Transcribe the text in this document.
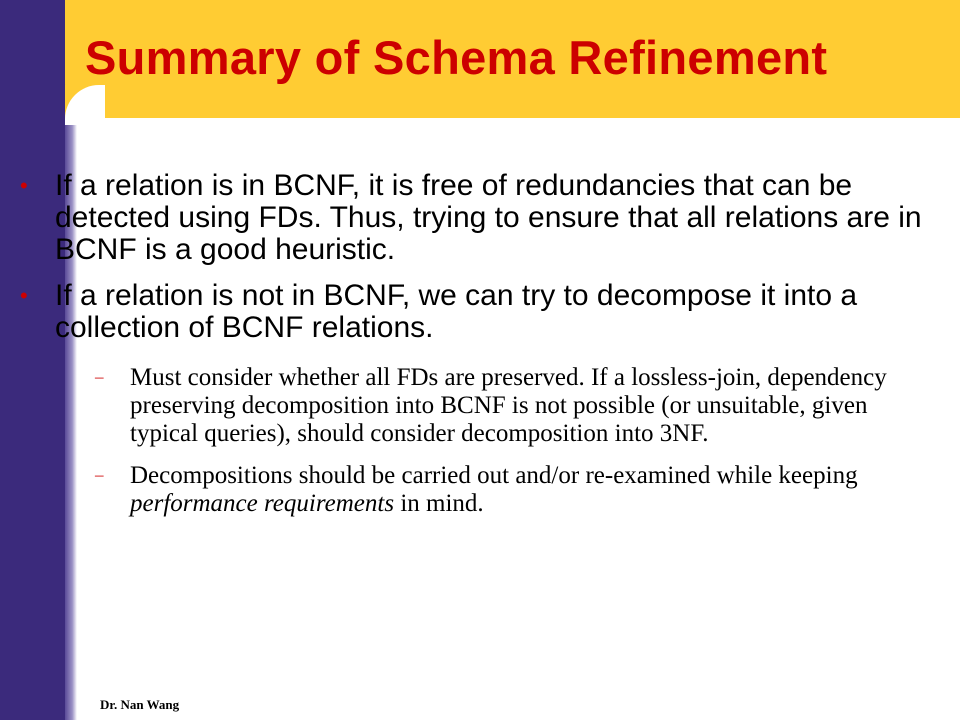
Summary of Schema Refinement
• If a relation is in BCNF, it is free of redundancies that can be detected using FDs. Thus, trying to ensure that all relations are in BCNF is a good heuristic.
• If a relation is not in BCNF, we can try to decompose it into a collection of BCNF relations.
– Must consider whether all FDs are preserved. If a lossless-join, dependency preserving decomposition into BCNF is not possible (or unsuitable, given typical queries), should consider decomposition into 3NF.
– Decompositions should be carried out and/or re-examined while keeping performance requirements in mind.
Dr. Nan Wang
